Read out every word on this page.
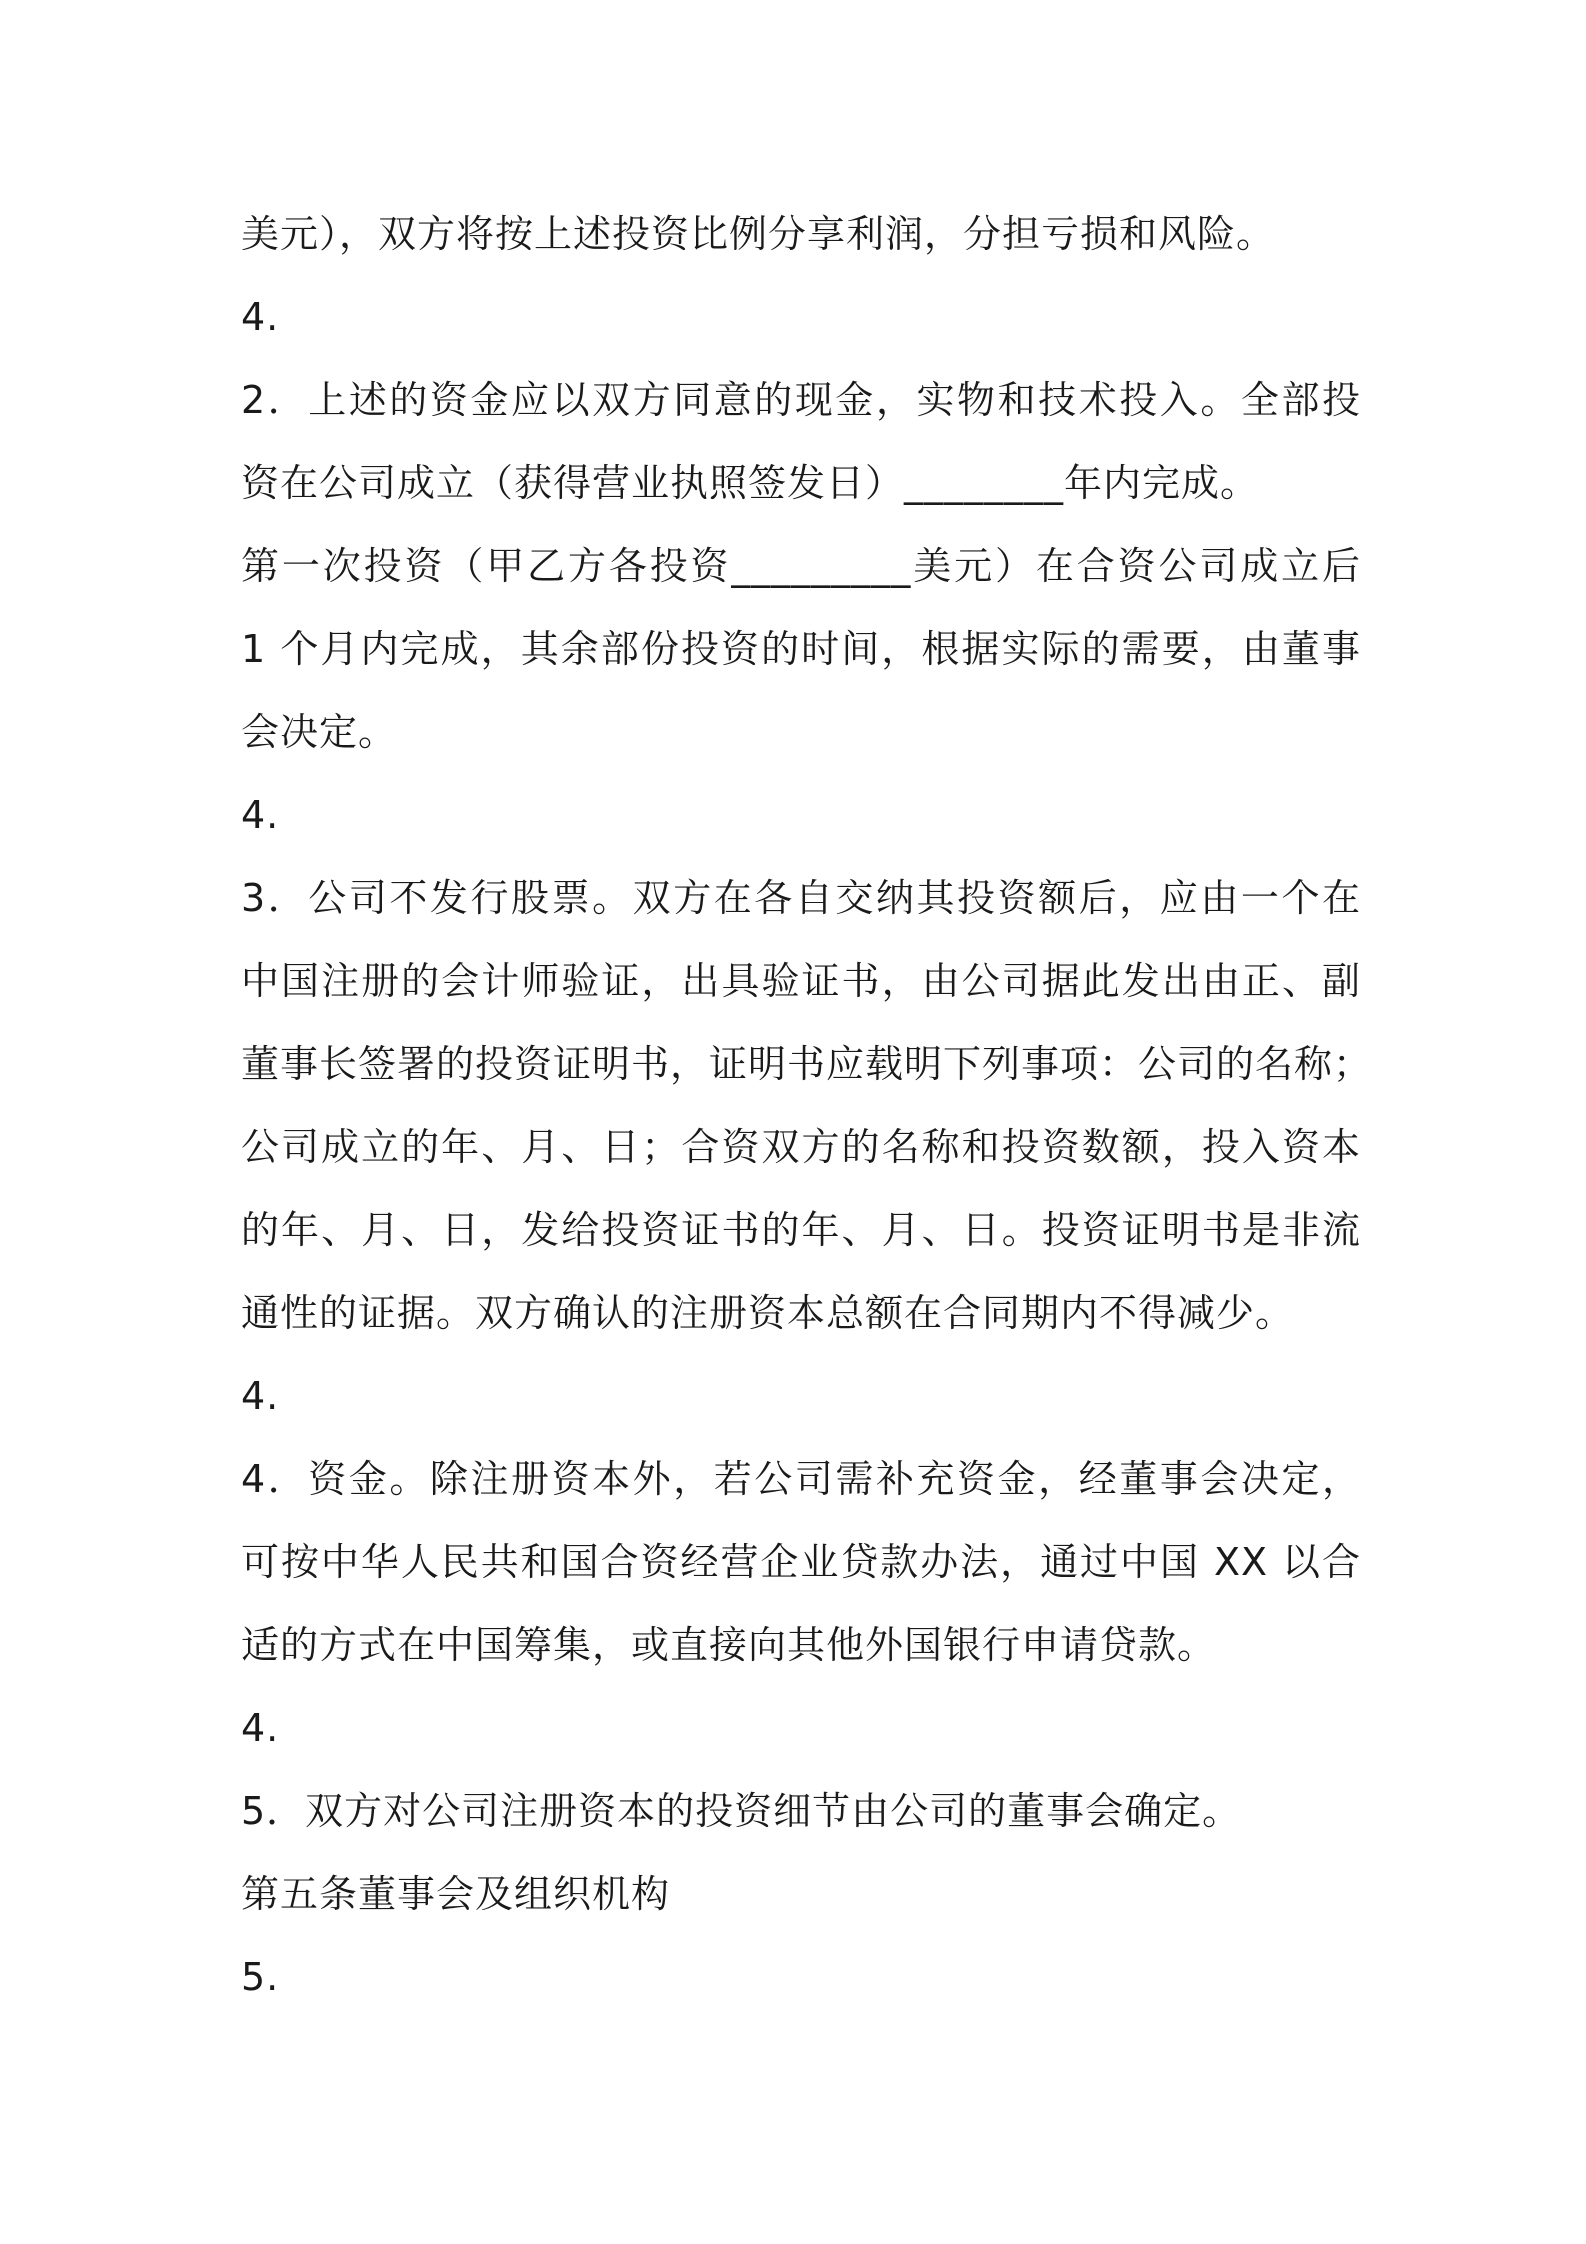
美元），双方将按上述投资比例分享利润，分担亏损和风险。
4.
2．上述的资金应以双方同意的现金，实物和技术投入。全部投
资在公司成立（获得营业执照签发日）________年内完成。
第一次投资（甲乙方各投资_________美元）在合资公司成立后
1 个月内完成，其余部份投资的时间，根据实际的需要，由董事
会决定。
4.
3．公司不发行股票。双方在各自交纳其投资额后，应由一个在
中国注册的会计师验证，出具验证书，由公司据此发出由正、副
董事长签署的投资证明书，证明书应载明下列事项：公司的名称；
公司成立的年、月、日；合资双方的名称和投资数额，投入资本
的年、月、日，发给投资证书的年、月、日。投资证明书是非流
通性的证据。双方确认的注册资本总额在合同期内不得减少。
4.
4．资金。除注册资本外，若公司需补充资金，经董事会决定，
可按中华人民共和国合资经营企业贷款办法，通过中国 XX 以合
适的方式在中国筹集，或直接向其他外国银行申请贷款。
4.
5．双方对公司注册资本的投资细节由公司的董事会确定。
第五条董事会及组织机构
5.
